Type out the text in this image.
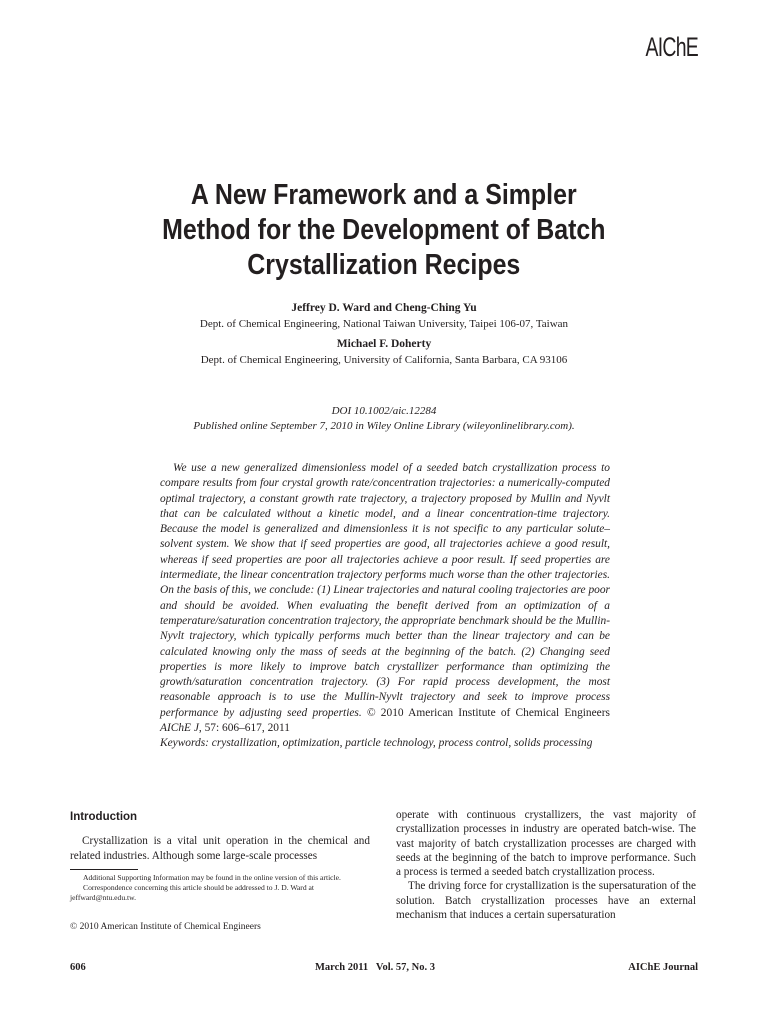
AIChE
A New Framework and a Simpler
Method for the Development of Batch
Crystallization Recipes
Jeffrey D. Ward and Cheng-Ching Yu
Dept. of Chemical Engineering, National Taiwan University, Taipei 106-07, Taiwan
Michael F. Doherty
Dept. of Chemical Engineering, University of California, Santa Barbara, CA 93106
DOI 10.1002/aic.12284
Published online September 7, 2010 in Wiley Online Library (wileyonlinelibrary.com).

We use a new generalized dimensionless model of a seeded batch crystallization process to compare results from four crystal growth rate/concentration trajectories: a numerically-computed optimal trajectory, a constant growth rate trajectory, a trajectory proposed by Mullin and Nyvlt that can be calculated without a kinetic model, and a linear concentration-time trajectory. Because the model is generalized and dimensionless it is not specific to any particular solute–solvent system. We show that if seed properties are good, all trajectories achieve a good result, whereas if seed properties are poor all trajectories achieve a poor result. If seed properties are intermediate, the linear concentration trajectory performs much worse than the other trajectories. On the basis of this, we conclude: (1) Linear trajectories and natural cooling trajectories are poor and should be avoided. When evaluating the benefit derived from an optimization of a temperature/saturation concentration trajectory, the appropriate benchmark should be the Mullin-Nyvlt trajectory, which typically performs much better than the linear trajectory and can be calculated knowing only the mass of seeds at the beginning of the batch. (2) Changing seed properties is more likely to improve batch crystallizer performance than optimizing the growth/saturation concentration trajectory. (3) For rapid process development, the most reasonable approach is to use the Mullin-Nyvlt trajectory and seek to improve process performance by adjusting seed properties. © 2010 American Institute of Chemical Engineers AIChE J, 57: 606–617, 2011

Keywords: crystallization, optimization, particle technology, process control, solids processing

Introduction

Crystallization is a vital unit operation in the chemical and related industries. Although some large-scale processes

operate with continuous crystallizers, the vast majority of crystallization processes in industry are operated batch-wise. The vast majority of batch crystallization processes are charged with seeds at the beginning of the batch to improve performance. Such a process is termed a seeded batch crystallization process.

The driving force for crystallization is the supersaturation of the solution. Batch crystallization processes have an external mechanism that induces a certain supersaturation

Additional Supporting Information may be found in the online version of this article.

Correspondence concerning this article should be addressed to J. D. Ward at jeffward@ntu.edu.tw.

© 2010 American Institute of Chemical Engineers
606	March 2011   Vol. 57, No. 3	AIChE Journal
